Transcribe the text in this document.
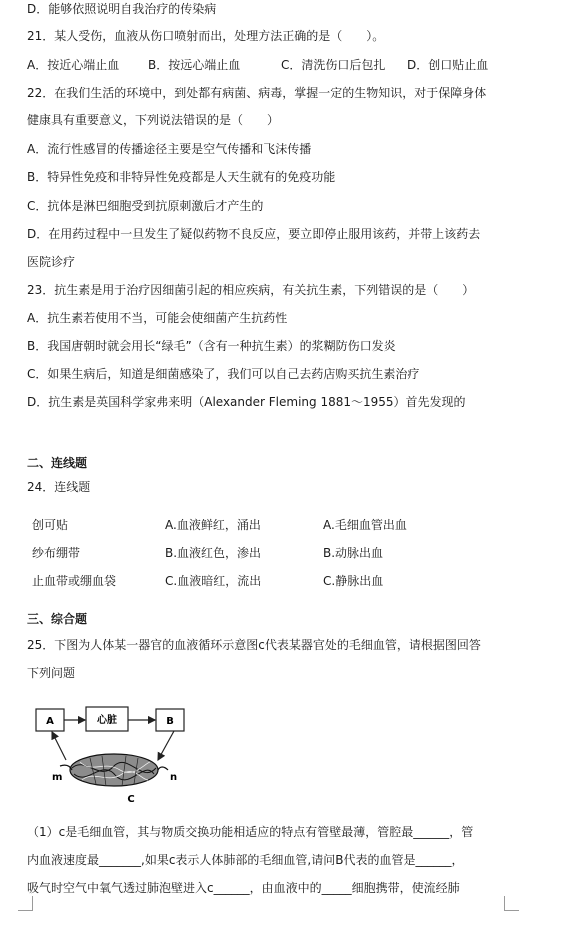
D．能够依照说明自我治疗的传染病
21．某人受伤，血液从伤口喷射而出，处理方法正确的是（　　）。
A．按近心端止血 B．按远心端止血	C．清洗伤口后包扎 D．创口贴止血
22．在我们生活的环境中，到处都有病菌、病毒，掌握一定的生物知识，对于保障身体
健康具有重要意义，下列说法错误的是（　　）
A．流行性感冒的传播途径主要是空气传播和飞沫传播
B．特异性免疫和非特异性免疫都是人天生就有的免疫功能
C．抗体是淋巴细胞受到抗原刺激后才产生的
D．在用药过程中一旦发生了疑似药物不良反应，要立即停止服用该药，并带上该药去
医院诊疗
23．抗生素是用于治疗因细菌引起的相应疾病，有关抗生素，下列错误的是（　　）
A．抗生素若使用不当，可能会使细菌产生抗药性
B．我国唐朝时就会用长“绿毛”（含有一种抗生素）的浆糊防伤口发炎
C．如果生病后，知道是细菌感染了，我们可以自己去药店购买抗生素治疗
D．抗生素是英国科学家弗来明（Alexander Fleming 1881～1955）首先发现的
二、连线题
24．连线题
创可贴	A.血液鲜红，涌出	A.毛细血管出血
纱布绷带	B.血液红色，渗出	B.动脉出血
止血带或绷血袋	C.血液暗红，流出	C.静脉出血
三、综合题
25．下图为人体某一器官的血液循环示意图c代表某器官处的毛细血管，请根据图回答
下列问题
A	心脏	B
m	n
C
（1）c是毛细血管，其与物质交换功能相适应的特点有管壁最薄，管腔最______，管
内血液速度最_______,如果c表示人体肺部的毛细血管,请问B代表的血管是______，
吸气时空气中氧气透过肺泡壁进入c______，由血液中的_____细胞携带，使流经肺
